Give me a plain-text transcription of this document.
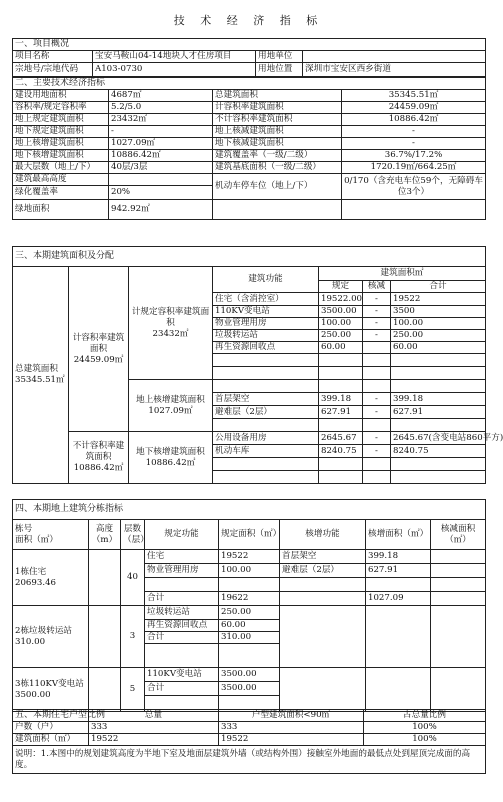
技 术 经 济 指 标
一、项目概况			
项目名称	宝安马鞍山04-14地块人才住房项目	用地单位	
宗地号/宗地代码	A103-0730	用地位置	深圳市宝安区西乡街道
二、主要技术经济指标			
建设用地面积	4687㎡	总建筑面积	35345.51㎡
容积率/规定容积率	5.2/5.0	计容积率建筑面积	24459.09㎡
地上规定建筑面积	23432㎡	不计容积率建筑面积	10886.42㎡
地下规定建筑面积	-	地上核减建筑面积	-
地上核增建筑面积	1027.09㎡	地下核减建筑面积	-
地下核增建筑面积	10886.42㎡	建筑覆盖率（一级/二级）	36.7%/17.2%
最大层数（地上/下）	40层/3层	建筑基底面积（一级/二级）	1720.19㎡/664.25㎡
建筑最高高度		机动车停车位（地上/下）	0/170（含充电车位59个，无障碍车位3个）
绿化覆盖率	20%		
绿地面积	942.92㎡		
三、本期建筑面积及分配						
总建筑面积
35345.51㎡	计容积率建筑面积
24459.09㎡	计规定容积率建筑面积
23432㎡	建筑功能	建筑面积㎡		
				规定	核减	合计
			住宅（含消控室）	19522.00	-	19522
			110KV变电站	3500.00	-	3500
			物业管理用房	100.00	-	100.00
			垃圾转运站	250.00	-	250.00
			再生资源回收点	60.00		60.00

		地上核增建筑面积
1027.09㎡				
			首层架空	399.18	-	399.18
			避难层（2层）	627.91	-	627.91

	不计容积率建筑面积
10886.42㎡	地下核增建筑面积
10886.42㎡	公用设备用房	2645.67	-	2645.67(含变电站860平方)
			机动车库	8240.75	-	8240.75

四、本期地上建筑分栋指标							
栋号
面积（㎡）	高度（m）	层数（层）	规定功能	规定面积（㎡）	核增功能	核增面积（㎡）	核减面积（㎡）
1栋住宅
20693.46		40	住宅	19522	首层架空	399.18	
			物业管理用房	100.00	避难层（2层）	627.91	

			合计	19622		1027.09	
2栋垃圾转运站
310.00		3	垃圾转运站	250.00			
			再生资源回收点	60.00			
			合计	310.00			

3栋110KV变电站
3500.00		5	110KV变电站	3500.00			
			合计	3500.00			

五、本期住宅户型比例	总量	户型建筑面积<90㎡	占总量比例
户数（户）	333	333	100%
建筑面积（㎡）	19522	19522	100%
说明：1.本图中的规划建筑高度为半地下室及地面层建筑外墙（或结构外围）接触室外地面的最低点处到屋顶完成面的高度。			
